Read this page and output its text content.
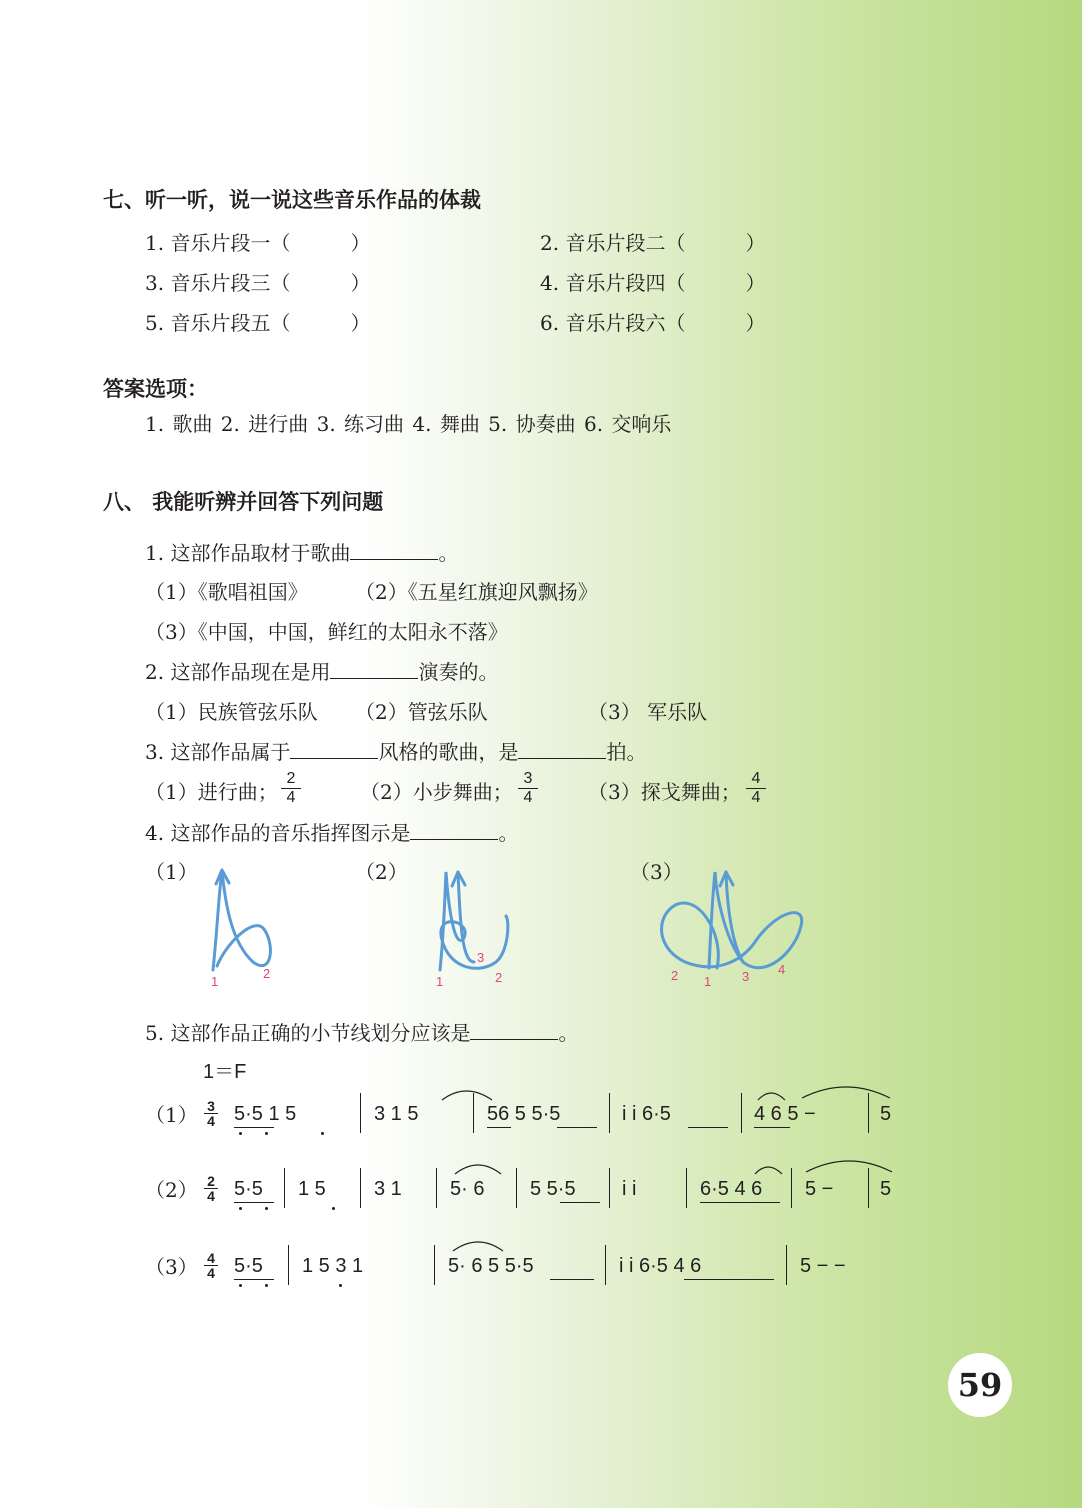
七、听一听，说一说这些音乐作品的体裁
1. 音乐片段一（　　　）	2. 音乐片段二（　　　）
3. 音乐片段三（　　　）	4. 音乐片段四（　　　）
5. 音乐片段五（　　　）	6. 音乐片段六（　　　）
答案选项：
1. 歌曲 2. 进行曲 3. 练习曲 4. 舞曲 5. 协奏曲 6. 交响乐
八、 我能听辨并回答下列问题
1. 这部作品取材于歌曲	。
（1）《歌唱祖国》 （2）《五星红旗迎风飘扬》
（3）《中国，中国，鲜红的太阳永不落》
2. 这部作品现在是用	演奏的。
（1）民族管弦乐队 （2）管弦乐队	（3） 军乐队
3. 这部作品属于	风格的歌曲，是	拍。
（1）进行曲；
2
4	（2）小步舞曲；
3
4	（3）探戈舞曲；
4
4
4. 这部作品的音乐指挥图示是	。
（1）	（2）	（3）
1
2
1	2
3
2 1 3 4
5. 这部作品正确的小节线划分应该是	。
1＝F
（1） 3
4 5·5 1 5	3 1 5	56 5 5·5	i i 6·5	4 6 5 −	5
（2） 2
4 5·5 1 5 3 1 5· 6 5 5·5 i i	6·5 4 6 5 − 5
（3） 4
4 5·5 1 5 3 1	5· 6 5 5·5	i i 6·5 4 6	5 − −
59
